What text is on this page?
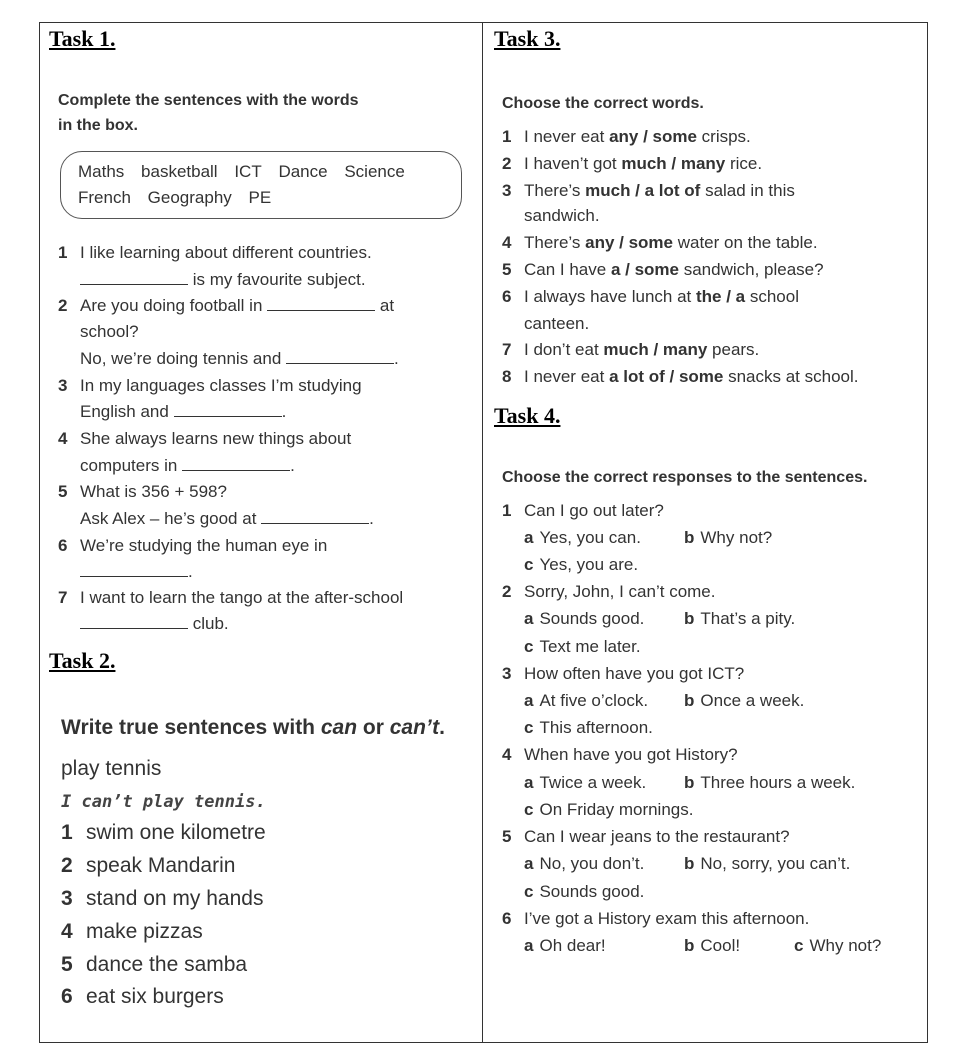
Task 1.
Complete the sentences with the words
in the box.
Maths basketball ICT Dance Science
French Geography PE
1 I like learning about different countries.
is my favourite subject.
2 Are you doing football in	at
school?
No, we’re doing tennis and	.
3 In my languages classes I’m studying
English and	.
4 She always learns new things about
computers in	.
5 What is 356 + 598?
Ask Alex – he’s good at	.
6 We’re studying the human eye in
.
7 I want to learn the tango at the after-school
club.
Task 2.
Write true sentences with can or can’t.
play tennis
I can’t play tennis.
1 swim one kilometre
2 speak Mandarin
3 stand on my hands
4 make pizzas
5 dance the samba
6 eat six burgers
Task 3.
Choose the correct words.
1 I never eat any / some crisps.
2 I haven’t got much / many rice.
3 There’s much / a lot of salad in this
sandwich.
4 There’s any / some water on the table.
5 Can I have a / some sandwich, please?
6 I always have lunch at the / a school
canteen.
7 I don’t eat much / many pears.
8 I never eat a lot of / some snacks at school.
Task 4.
Choose the correct responses to the sentences.
1 Can I go out later?
a Yes, you can.	b Why not?
c Yes, you are.
2 Sorry, John, I can’t come.
a Sounds good. b That’s a pity.
c Text me later.
3 How often have you got ICT?
a At five o’clock. b Once a week.
c This afternoon.
4 When have you got History?
a Twice a week. b Three hours a week.
c On Friday mornings.
5 Can I wear jeans to the restaurant?
a No, you don’t. b No, sorry, you can’t.
c Sounds good.
6 I’ve got a History exam this afternoon.
a Oh dear!	b Cool!	c Why not?
